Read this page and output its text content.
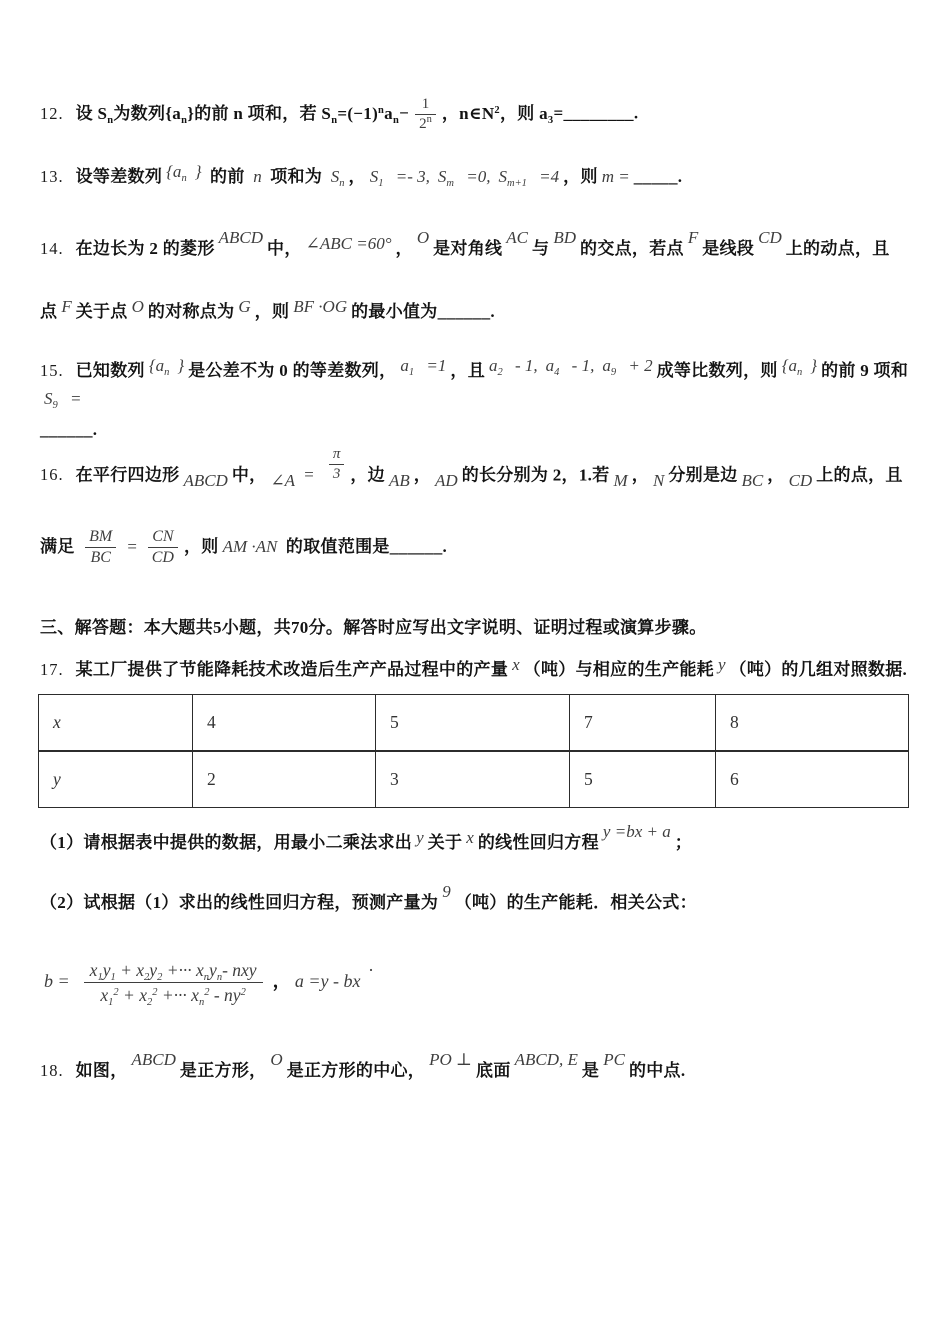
12. 设 $S_n$为数列$\{a_n\}$的前 n 项和，若 $S_n=(-1)^na_n- \frac{1}{2^n}$ ，$n\in N^2$，则 $a_3=\_\_\_\_\_\_\_\_$.
13. 设等差数列 {$a_n$ } 的前 n 项和为 $S_n$ ， $S_1 =- 3$, $S_m =0$, $S_{m+1} =4$ ，则 m = _____.
14. 在边长为 2 的菱形ABCD中， ∠ABC =60° ，O是对角线AC与BD的交点，若点F是线段CD上的动点，且
点 F 关于点 O 的对称点为 G ，则 BF ·OG 的最小值为______.
15. 已知数列 {$a_n$ } 是公差不为 0 的等差数列， $a_1 =1$ ，且 $a_2 - 1$, $a_4 - 1$, $a_9 + 2$ 成等比数列，则 {$a_n$ } 的前 9 项和$S_9$ =
______.
16. 在平行四边形 ABCD 中， ∠A = $\frac{\pi}{3}$ ，边 AB ， AD 的长分别为 2，1.若 M ， N 分别是边 BC ， CD 上的点，且
满足 $\frac{BM}{BC} = \frac{CN}{CD}$ ，则 AM ·AN 的取值范围是______.
三、解答题：本大题共5小题，共70分。解答时应写出文字说明、证明过程或演算步骤。
17. 某工厂提供了节能降耗技术改造后生产产品过程中的产量 x （吨）与相应的生产能耗 y （吨）的几组对照数据.
x	4	5	7	8
y	2	3	5	6
（1）请根据表中提供的数据，用最小二乘法求出 y 关于 x 的线性回归方程y =bx + a；
（2）试根据（1）求出的线性回归方程，预测产量为9（吨）的生产能耗．相关公式：
$b = \frac{x_1y_1 + x_2y_2 +\cdot\cdot\cdot x_ny_n- nxy}{x_1^2 + x_2^2 +\cdot\cdot\cdot x_n^2 - ny^2}$ ， a =y - bx·
18. 如图，ABCD是正方形，O是正方形的中心，PO ⊥底面ABCD, E是PC的中点.
